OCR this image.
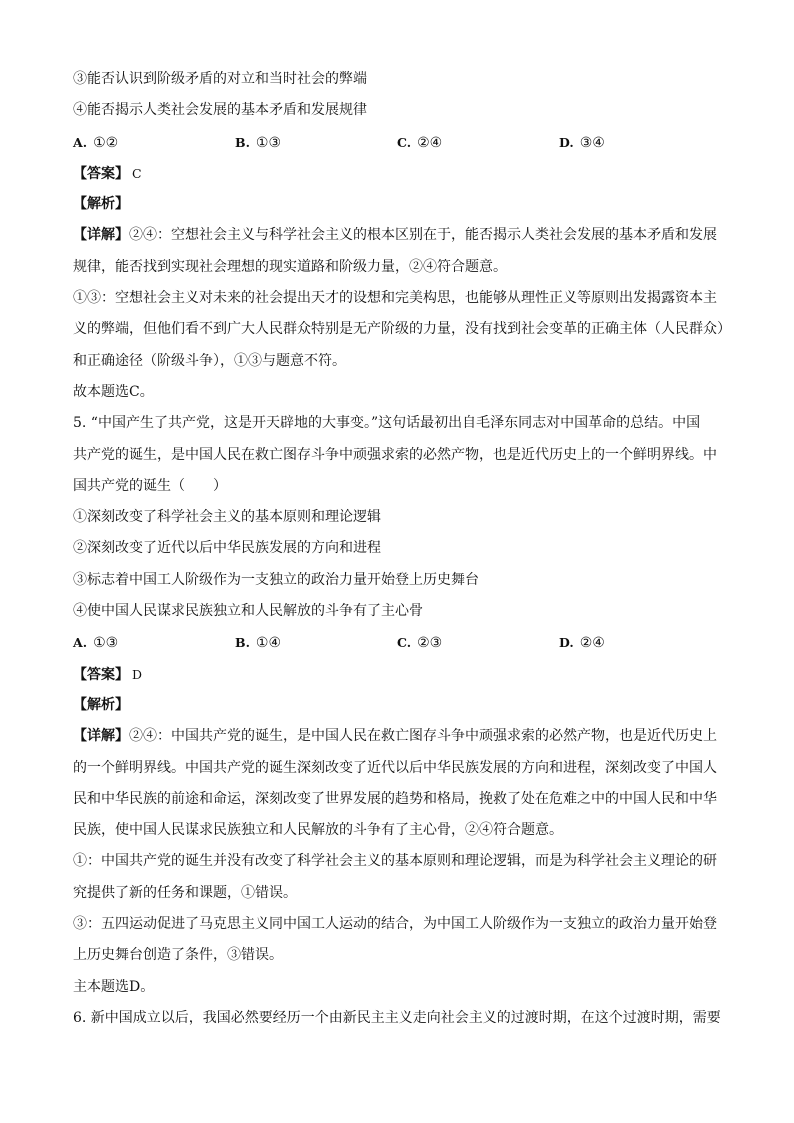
③能否认识到阶级矛盾的对立和当时社会的弊端
④能否揭示人类社会发展的基本矛盾和发展规律
A. ①②	B. ①③	C. ②④	D. ③④
【答案】 C
【解析】
【详解】②④：空想社会主义与科学社会主义的根本区别在于，能否揭示人类社会发展的基本矛盾和发展
规律，能否找到实现社会理想的现实道路和阶级力量，②④符合题意。
①③：空想社会主义对未来的社会提出天才的设想和完美构思，也能够从理性正义等原则出发揭露资本主
义的弊端，但他们看不到广大人民群众特别是无产阶级的力量，没有找到社会变革的正确主体（人民群众）
和正确途径（阶级斗争），①③与题意不符。
故本题选C。
5. “中国产生了共产党，这是开天辟地的大事变。”这句话最初出自毛泽东同志对中国革命的总结。中国
共产党的诞生，是中国人民在救亡图存斗争中顽强求索的必然产物，也是近代历史上的一个鲜明界线。中
国共产党的诞生（　　）
①深刻改变了科学社会主义的基本原则和理论逻辑
②深刻改变了近代以后中华民族发展的方向和进程
③标志着中国工人阶级作为一支独立的政治力量开始登上历史舞台
④使中国人民谋求民族独立和人民解放的斗争有了主心骨
A. ①③	B. ①④	C. ②③	D. ②④
【答案】 D
【解析】
【详解】②④：中国共产党的诞生，是中国人民在救亡图存斗争中顽强求索的必然产物，也是近代历史上
的一个鲜明界线。中国共产党的诞生深刻改变了近代以后中华民族发展的方向和进程，深刻改变了中国人
民和中华民族的前途和命运，深刻改变了世界发展的趋势和格局，挽救了处在危难之中的中国人民和中华
民族，使中国人民谋求民族独立和人民解放的斗争有了主心骨，②④符合题意。
①：中国共产党的诞生并没有改变了科学社会主义的基本原则和理论逻辑，而是为科学社会主义理论的研
究提供了新的任务和课题，①错误。
③：五四运动促进了马克思主义同中国工人运动的结合，为中国工人阶级作为一支独立的政治力量开始登
上历史舞台创造了条件，③错误。
主本题选D。
6. 新中国成立以后，我国必然要经历一个由新民主主义走向社会主义的过渡时期，在这个过渡时期，需要
